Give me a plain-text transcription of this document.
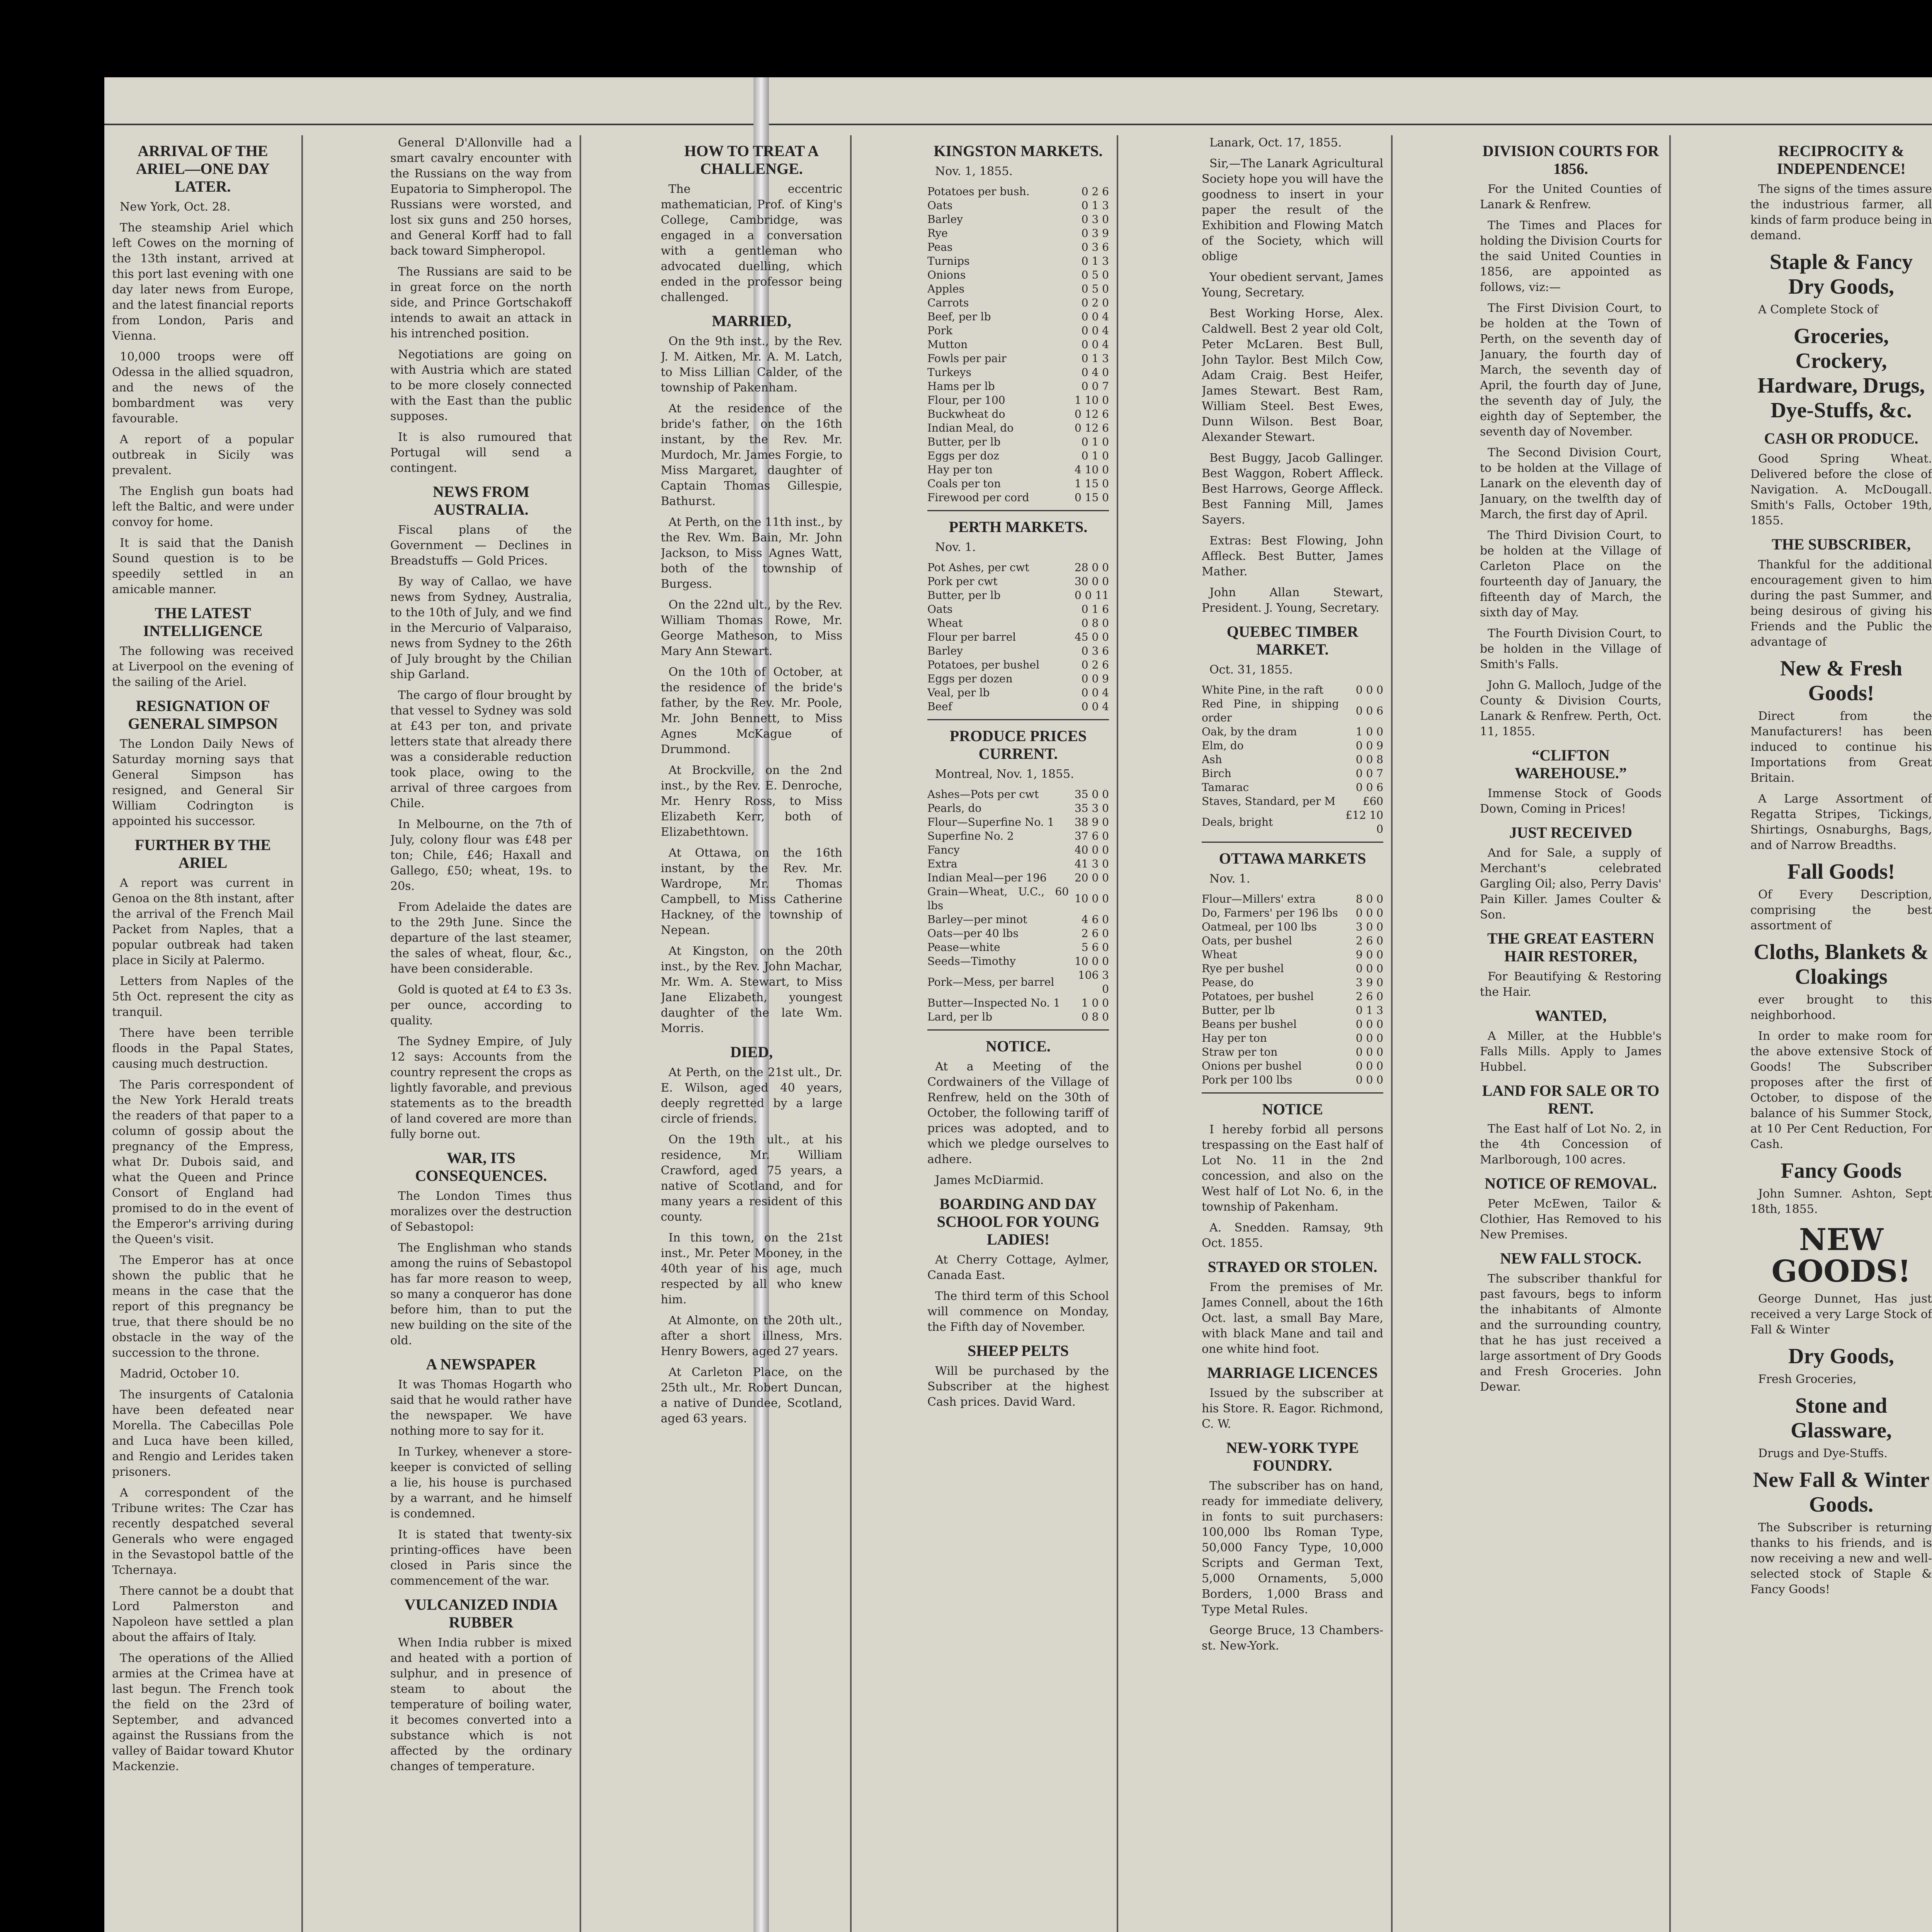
ARRIVAL OF THE ARIEL—ONE DAY LATER.

New York, Oct. 28.

The steamship Ariel which left Cowes on the morning of the 13th instant, arrived at this port last evening with one day later news from Europe, and the latest financial reports from London, Paris and Vienna.

10,000 troops were off Odessa in the allied squadron, and the news of the bombardment was very favourable.

A report of a popular outbreak in Sicily was prevalent.

The English gun boats had left the Baltic, and were under convoy for home.

It is said that the Danish Sound question is to be speedily settled in an amicable manner.

THE LATEST INTELLIGENCE

The following was received at Liverpool on the evening of the sailing of the Ariel.

RESIGNATION OF GENERAL SIMPSON

The London Daily News of Saturday morning says that General Simpson has resigned, and General Sir William Codrington is appointed his successor.

FURTHER BY THE ARIEL

A report was current in Genoa on the 8th instant, after the arrival of the French Mail Packet from Naples, that a popular outbreak had taken place in Sicily at Palermo.

Letters from Naples of the 5th Oct. represent the city as tranquil.

There have been terrible floods in the Papal States, causing much destruction.

The Paris correspondent of the New York Herald treats the readers of that paper to a column of gossip about the pregnancy of the Empress, what Dr. Dubois said, and what the Queen and Prince Consort of England had promised to do in the event of the Emperor's arriving during the Queen's visit.

The Emperor has at once shown the public that he means in the case that the report of this pregnancy be true, that there should be no obstacle in the way of the succession to the throne.

Madrid, October 10.

The insurgents of Catalonia have been defeated near Morella. The Cabecillas Pole and Luca have been killed, and Rengio and Lerides taken prisoners.

A correspondent of the Tribune writes: The Czar has recently despatched several Generals who were engaged in the Sevastopol battle of the Tchernaya.

There cannot be a doubt that Lord Palmerston and Napoleon have settled a plan about the affairs of Italy.

The operations of the Allied armies at the Crimea have at last begun. The French took the field on the 23rd of September, and advanced against the Russians from the valley of Baidar toward Khutor Mackenzie.

General D'Allonville had a smart cavalry encounter with the Russians on the way from Eupatoria to Simpheropol. The Russians were worsted, and lost six guns and 250 horses, and General Korff had to fall back toward Simpheropol.

The Russians are said to be in great force on the north side, and Prince Gortschakoff intends to await an attack in his intrenched position.

Negotiations are going on with Austria which are stated to be more closely connected with the East than the public supposes.

It is also rumoured that Portugal will send a contingent.

NEWS FROM AUSTRALIA.

Fiscal plans of the Government — Declines in Breadstuffs — Gold Prices.

By way of Callao, we have news from Sydney, Australia, to the 10th of July, and we find in the Mercurio of Valparaiso, news from Sydney to the 26th of July brought by the Chilian ship Garland.

The cargo of flour brought by that vessel to Sydney was sold at £43 per ton, and private letters state that already there was a considerable reduction took place, owing to the arrival of three cargoes from Chile.

In Melbourne, on the 7th of July, colony flour was £48 per ton; Chile, £46; Haxall and Gallego, £50; wheat, 19s. to 20s.

From Adelaide the dates are to the 29th June. Since the departure of the last steamer, the sales of wheat, flour, &c., have been considerable.

Gold is quoted at £4 to £3 3s. per ounce, according to quality.

The Sydney Empire, of July 12 says: Accounts from the country represent the crops as lightly favorable, and previous statements as to the breadth of land covered are more than fully borne out.

WAR, ITS CONSEQUENCES.

The London Times thus moralizes over the destruction of Sebastopol:

The Englishman who stands among the ruins of Sebastopol has far more reason to weep, so many a conqueror has done before him, than to put the new building on the site of the old.

A NEWSPAPER

It was Thomas Hogarth who said that he would rather have the newspaper. We have nothing more to say for it.

In Turkey, whenever a store-keeper is convicted of selling a lie, his house is purchased by a warrant, and he himself is condemned.

It is stated that twenty-six printing-offices have been closed in Paris since the commencement of the war.

VULCANIZED INDIA RUBBER

When India rubber is mixed and heated with a portion of sulphur, and in presence of steam to about the temperature of boiling water, it becomes converted into a substance which is not affected by the ordinary changes of temperature.

HOW TO TREAT A CHALLENGE.

The eccentric mathematician, Prof. of King's College, Cambridge, was engaged in a conversation with a gentleman who advocated duelling, which ended in the professor being challenged.

MARRIED,

On the 9th inst., by the Rev. J. M. Aitken, Mr. A. M. Latch, to Miss Lillian Calder, of the township of Pakenham.

At the residence of the bride's father, on the 16th instant, by the Rev. Mr. Murdoch, Mr. James Forgie, to Miss Margaret, daughter of Captain Thomas Gillespie, Bathurst.

At Perth, on the 11th inst., by the Rev. Wm. Bain, Mr. John Jackson, to Miss Agnes Watt, both of the township of Burgess.

On the 22nd ult., by the Rev. William Thomas Rowe, Mr. George Matheson, to Miss Mary Ann Stewart.

On the 10th of October, at the residence of the bride's father, by the Rev. Mr. Poole, Mr. John Bennett, to Miss Agnes McKague of Drummond.

At Brockville, on the 2nd inst., by the Rev. E. Denroche, Mr. Henry Ross, to Miss Elizabeth Kerr, both of Elizabethtown.

At Ottawa, on the 16th instant, by the Rev. Mr. Wardrope, Mr. Thomas Campbell, to Miss Catherine Hackney, of the township of Nepean.

At Kingston, on the 20th inst., by the Rev. John Machar, Mr. Wm. A. Stewart, to Miss Jane Elizabeth, youngest daughter of the late Wm. Morris.

DIED,

At Perth, on the 21st ult., Dr. E. Wilson, aged 40 years, deeply regretted by a large circle of friends.

On the 19th ult., at his residence, Mr. William Crawford, aged 75 years, a native of Scotland, and for many years a resident of this county.

In this town, on the 21st inst., Mr. Peter Mooney, in the 40th year of his age, much respected by all who knew him.

At Almonte, on the 20th ult., after a short illness, Mrs. Henry Bowers, aged 27 years.

At Carleton Place, on the 25th ult., Mr. Robert Duncan, a native of Dundee, Scotland, aged 63 years.

KINGSTON MARKETS.

Nov. 1, 1855.

Potatoes per bush.	0 2 6
Oats	0 1 3
Barley	0 3 0
Rye	0 3 9
Peas	0 3 6
Turnips	0 1 3
Onions	0 5 0
Apples	0 5 0
Carrots	0 2 0
Beef, per lb	0 0 4
Pork	0 0 4
Mutton	0 0 4
Fowls per pair	0 1 3
Turkeys	0 4 0
Hams per lb	0 0 7
Flour, per 100	1 10 0
Buckwheat do	0 12 6
Indian Meal, do	0 12 6
Butter, per lb	0 1 0
Eggs per doz	0 1 0
Hay per ton	4 10 0
Coals per ton	1 15 0
Firewood per cord	0 15 0

PERTH MARKETS.

Nov. 1.

Pot Ashes, per cwt	28 0 0
Pork per cwt	30 0 0
Butter, per lb	0 0 11
Oats	0 1 6
Wheat	0 8 0
Flour per barrel	45 0 0
Barley	0 3 6
Potatoes, per bushel	0 2 6
Eggs per dozen	0 0 9
Veal, per lb	0 0 4
Beef	0 0 4

PRODUCE PRICES CURRENT.

Montreal, Nov. 1, 1855.

Ashes—Pots per cwt	35 0 0
Pearls, do	35 3 0
Flour—Superfine No. 1	38 9 0
Superfine No. 2	37 6 0
Fancy	40 0 0
Extra	41 3 0
Indian Meal—per 196	20 0 0
Grain—Wheat, U.C., 60 lbs	10 0 0
Barley—per minot	4 6 0
Oats—per 40 lbs	2 6 0
Pease—white	5 6 0
Seeds—Timothy	10 0 0
Pork—Mess, per barrel	106 3 0
Butter—Inspected No. 1	1 0 0
Lard, per lb	0 8 0

NOTICE.

At a Meeting of the Cordwainers of the Village of Renfrew, held on the 30th of October, the following tariff of prices was adopted, and to which we pledge ourselves to adhere.

James McDiarmid.

BOARDING AND DAY SCHOOL FOR YOUNG LADIES!

At Cherry Cottage, Aylmer, Canada East.

The third term of this School will commence on Monday, the Fifth day of November.

SHEEP PELTS

Will be purchased by the Subscriber at the highest Cash prices. David Ward.

Lanark, Oct. 17, 1855.

Sir,—The Lanark Agricultural Society hope you will have the goodness to insert in your paper the result of the Exhibition and Flowing Match of the Society, which will oblige

Your obedient servant, James Young, Secretary.

Best Working Horse, Alex. Caldwell. Best 2 year old Colt, Peter McLaren. Best Bull, John Taylor. Best Milch Cow, Adam Craig. Best Heifer, James Stewart. Best Ram, William Steel. Best Ewes, Dunn Wilson. Best Boar, Alexander Stewart.

Best Buggy, Jacob Gallinger. Best Waggon, Robert Affleck. Best Harrows, George Affleck. Best Fanning Mill, James Sayers.

Extras: Best Flowing, John Affleck. Best Butter, James Mather.

John Allan Stewart, President. J. Young, Secretary.

QUEBEC TIMBER MARKET.

Oct. 31, 1855.

White Pine, in the raft	0 0 0
Red Pine, in shipping order	0 0 6
Oak, by the dram	1 0 0
Elm, do	0 0 9
Ash	0 0 8
Birch	0 0 7
Tamarac	0 0 6
Staves, Standard, per M	£60
Deals, bright	£12 10 0

OTTAWA MARKETS

Nov. 1.

Flour—Millers' extra	8 0 0
Do, Farmers' per 196 lbs	0 0 0
Oatmeal, per 100 lbs	3 0 0
Oats, per bushel	2 6 0
Wheat	9 0 0
Rye per bushel	0 0 0
Pease, do	3 9 0
Potatoes, per bushel	2 6 0
Butter, per lb	0 1 3
Beans per bushel	0 0 0
Hay per ton	0 0 0
Straw per ton	0 0 0
Onions per bushel	0 0 0
Pork per 100 lbs	0 0 0

NOTICE

I hereby forbid all persons trespassing on the East half of Lot No. 11 in the 2nd concession, and also on the West half of Lot No. 6, in the township of Pakenham.

A. Snedden. Ramsay, 9th Oct. 1855.

STRAYED OR STOLEN.

From the premises of Mr. James Connell, about the 16th Oct. last, a small Bay Mare, with black Mane and tail and one white hind foot.

MARRIAGE LICENCES

Issued by the subscriber at his Store. R. Eagor. Richmond, C. W.

NEW-YORK TYPE FOUNDRY.

The subscriber has on hand, ready for immediate delivery, in fonts to suit purchasers: 100,000 lbs Roman Type, 50,000 Fancy Type, 10,000 Scripts and German Text, 5,000 Ornaments, 5,000 Borders, 1,000 Brass and Type Metal Rules.

George Bruce, 13 Chambers-st. New-York.

DIVISION COURTS FOR 1856.

For the United Counties of Lanark & Renfrew.

The Times and Places for holding the Division Courts for the said United Counties in 1856, are appointed as follows, viz:—

The First Division Court, to be holden at the Town of Perth, on the seventh day of January, the fourth day of March, the seventh day of April, the fourth day of June, the seventh day of July, the eighth day of September, the seventh day of November.

The Second Division Court, to be holden at the Village of Lanark on the eleventh day of January, on the twelfth day of March, the first day of April.

The Third Division Court, to be holden at the Village of Carleton Place on the fourteenth day of January, the fifteenth day of March, the sixth day of May.

The Fourth Division Court, to be holden in the Village of Smith's Falls.

John G. Malloch, Judge of the County & Division Courts, Lanark & Renfrew. Perth, Oct. 11, 1855.

“CLIFTON WAREHOUSE.”

Immense Stock of Goods Down, Coming in Prices!

JUST RECEIVED

And for Sale, a supply of Merchant's celebrated Gargling Oil; also, Perry Davis' Pain Killer. James Coulter & Son.

THE GREAT EASTERN HAIR RESTORER,

For Beautifying & Restoring the Hair.

WANTED,

A Miller, at the Hubble's Falls Mills. Apply to James Hubbel.

LAND FOR SALE OR TO RENT.

The East half of Lot No. 2, in the 4th Concession of Marlborough, 100 acres.

NOTICE OF REMOVAL.

Peter McEwen, Tailor & Clothier, Has Removed to his New Premises.

NEW FALL STOCK.

The subscriber thankful for past favours, begs to inform the inhabitants of Almonte and the surrounding country, that he has just received a large assortment of Dry Goods and Fresh Groceries. John Dewar.

RECIPROCITY & INDEPENDENCE!

The signs of the times assure the industrious farmer, all kinds of farm produce being in demand.

Staple & Fancy Dry Goods,

A Complete Stock of

Groceries, Crockery, Hardware, Drugs, Dye-Stuffs, &c.

CASH OR PRODUCE.

Good Spring Wheat. Delivered before the close of Navigation. A. McDougall. Smith's Falls, October 19th, 1855.

THE SUBSCRIBER,

Thankful for the additional encouragement given to him during the past Summer, and being desirous of giving his Friends and the Public the advantage of

New & Fresh Goods!

Direct from the Manufacturers! has been induced to continue his Importations from Great Britain.

A Large Assortment of Regatta Stripes, Tickings, Shirtings, Osnaburghs, Bags, and of Narrow Breadths.

Fall Goods!

Of Every Description, comprising the best assortment of

Cloths, Blankets & Cloakings

ever brought to this neighborhood.

In order to make room for the above extensive Stock of Goods! The Subscriber proposes after the first of October, to dispose of the balance of his Summer Stock, at 10 Per Cent Reduction, For Cash.

Fancy Goods

John Sumner. Ashton, Sept 18th, 1855.

NEW GOODS!

George Dunnet, Has just received a very Large Stock of Fall & Winter

Dry Goods,

Fresh Groceries,

Stone and Glassware,

Drugs and Dye-Stuffs.

New Fall & Winter Goods.

The Subscriber is returning thanks to his friends, and is now receiving a new and well-selected stock of Staple & Fancy Goods!
